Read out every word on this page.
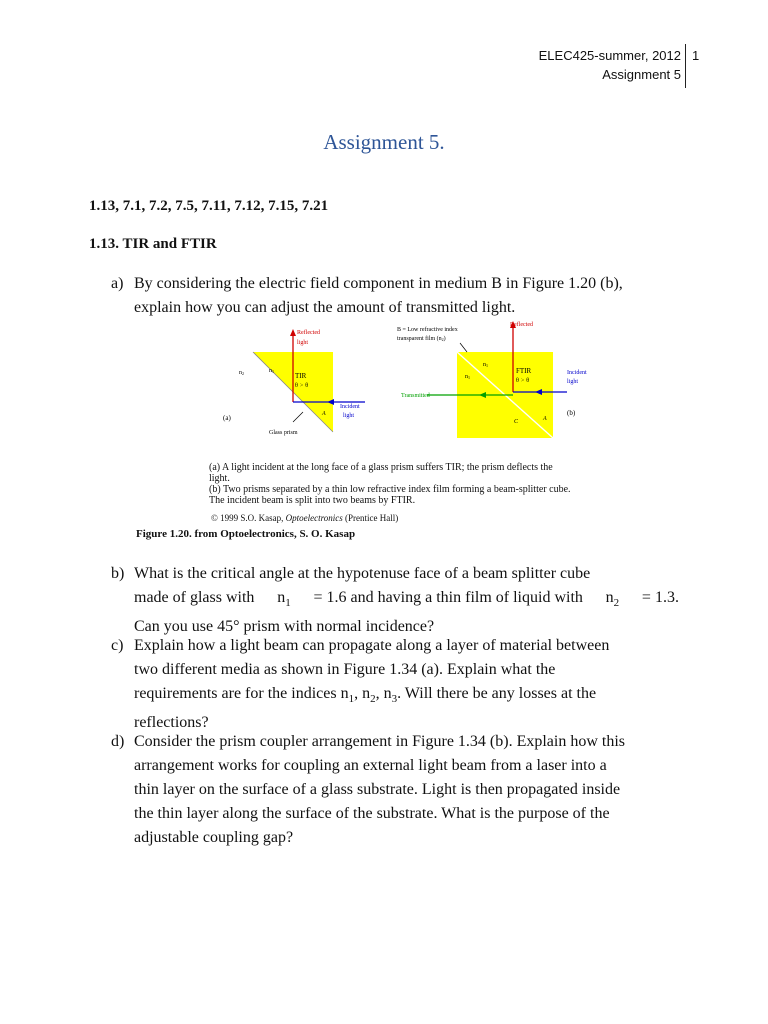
ELEC425-summer, 2012
Assignment 5
1
Assignment 5.
1.13, 7.1, 7.2, 7.5, 7.11, 7.12, 7.15, 7.21
1.13. TIR and FTIR
a) By considering the electric field component in medium B in Figure 1.20 (b),
explain how you can adjust the amount of transmitted light.
Reflected
light
TIR
θ > θ
n2	n1
Incident
light
A
Glass prism
(a)
Reflected
B = Low refractive index
transparent film (n2)
FTIR
θ > θ
n1
n1
Incident
light
Transmitted
C	A
(b)
(a) A light incident at the long face of a glass prism suffers TIR; the prism deflects the
light.
(b) Two prisms separated by a thin low refractive index film forming a beam-splitter cube.
The incident beam is split into two beams by FTIR.
© 1999 S.O. Kasap, Optoelectronics (Prentice Hall)
Figure 1.20. from Optoelectronics, S. O. Kasap
b) What is the critical angle at the hypotenuse face of a beam splitter cube
made of glass with $n_1 = 1.6$ and having a thin film of liquid with $n_2 = 1.3$.
Can you use 45° prism with normal incidence?
c) Explain how a light beam can propagate along a layer of material between
two different media as shown in Figure 1.34 (a). Explain what the
requirements are for the indices $n_1$, $n_2$, $n_3$. Will there be any losses at the
reflections?
d) Consider the prism coupler arrangement in Figure 1.34 (b). Explain how this
arrangement works for coupling an external light beam from a laser into a
thin layer on the surface of a glass substrate. Light is then propagated inside
the thin layer along the surface of the substrate. What is the purpose of the
adjustable coupling gap?
